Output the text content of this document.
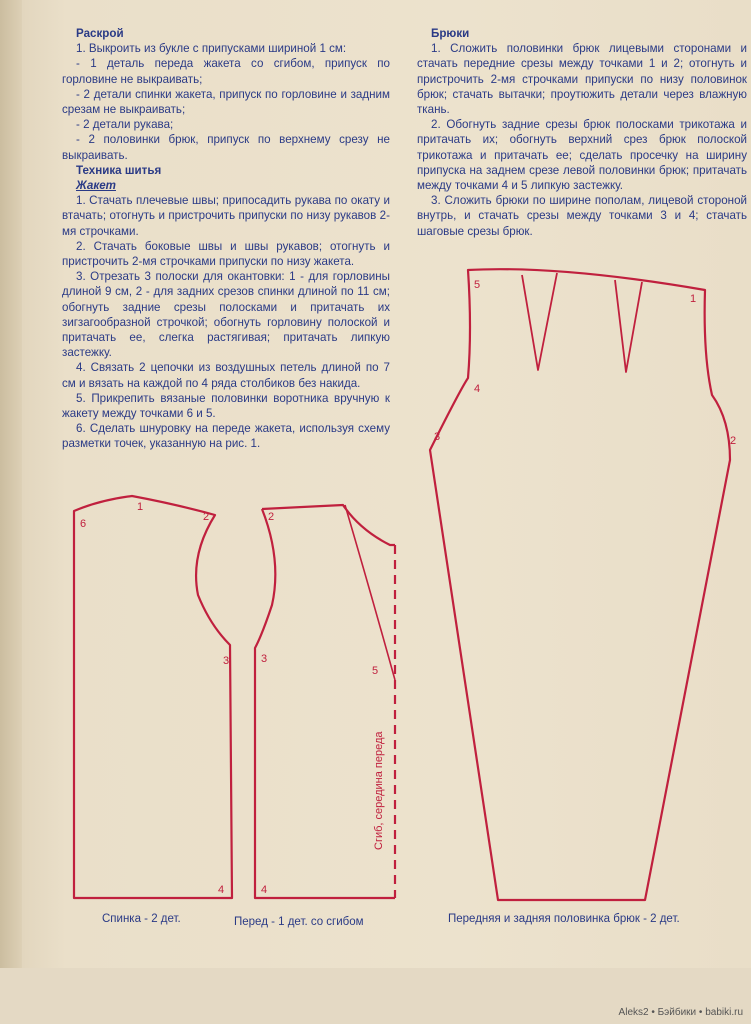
Раскрой

1. Выкроить из букле с припусками шириной 1 см:

- 1 деталь переда жакета со сгибом, припуск по горловине не выкраивать;

- 2 детали спинки жакета, припуск по горловине и задним срезам не выкраивать;

- 2 детали рукава;

- 2 половинки брюк, припуск по верхнему срезу не выкраивать.

Техника шитья

Жакет

1. Стачать плечевые швы; припосадить рукава по окату и втачать; отогнуть и пристрочить припуски по низу рукавов 2-мя строчками.

2. Стачать боковые швы и швы рукавов; отогнуть и пристрочить 2-мя строчками припуски по низу жакета.

3. Отрезать 3 полоски для окантовки: 1 - для горловины длиной 9 см, 2 - для задних срезов спинки длиной по 11 см; обогнуть задние срезы полосками и притачать их зигзагообразной строчкой; обогнуть горловину полоской и притачать ее, слегка растягивая; притачать липкую застежку.

4. Связать 2 цепочки из воздушных петель длиной по 7 см и вязать на каждой по 4 ряда столбиков без накида.

5. Прикрепить вязаные половинки воротника вручную к жакету между точками 6 и 5.

6. Сделать шнуровку на переде жакета, используя схему разметки точек, указанную на рис. 1.

Брюки

1. Сложить половинки брюк лицевыми сторонами и стачать передние срезы между точками 1 и 2; отогнуть и пристрочить 2-мя строчками припуски по низу половинок брюк; стачать вытачки; проутюжить детали через влажную ткань.

2. Обогнуть задние срезы брюк полосками трикотажа и притачать их; обогнуть верхний срез брюк полоской трикотажа и притачать ее; сделать просечку на ширину припуска на заднем срезе левой половинки брюк; притачать между точками 4 и 5 липкую застежку.

3. Сложить брюки по ширине пополам, лицевой стороной внутрь, и стачать срезы между точками 3 и 4; стачать шаговые срезы брюк.

6
1
2
3
4
2
3
4
5
Сгиб, середина переда
5
1
4
3	2
Спинка - 2 дет.	Перед - 1 дет. со сгибом	Передняя и задняя половинка брюк - 2 дет.
Aleks2 • Бэйбики • babiki.ru
